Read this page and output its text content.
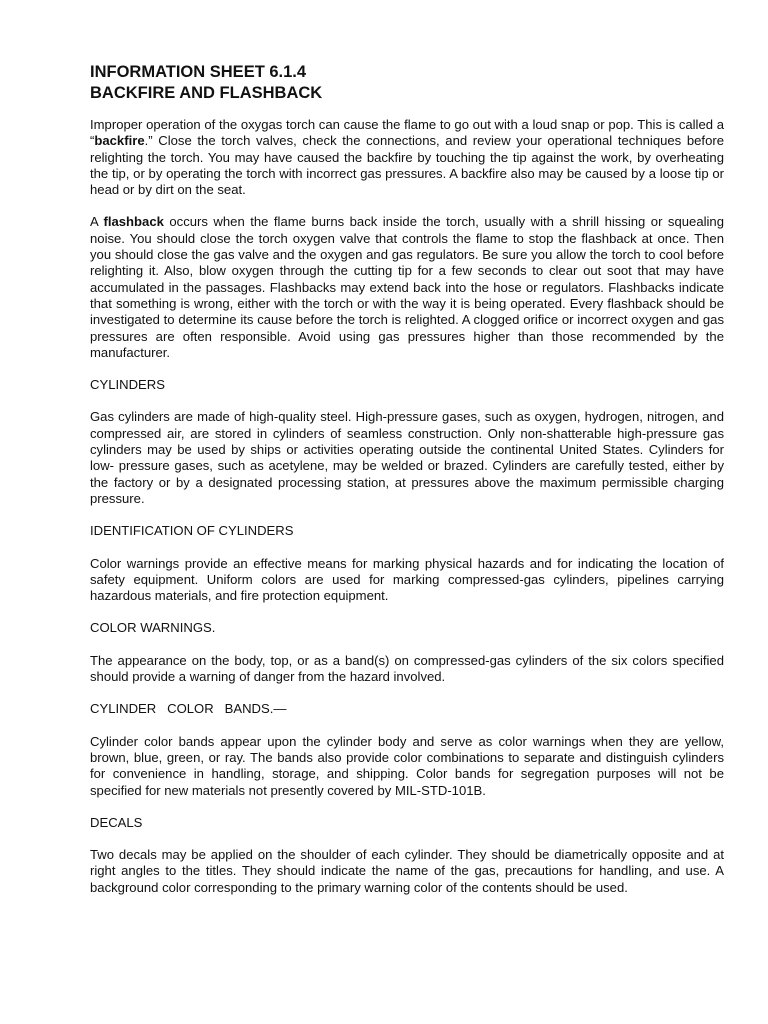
INFORMATION SHEET 6.1.4
BACKFIRE AND FLASHBACK

Improper operation of the oxygas torch can cause the flame to go out with a loud snap or pop. This is called a “backfire.” Close the torch valves, check the connections, and review your operational techniques before relighting the torch. You may have caused the backfire by touching the tip against the work, by overheating the tip, or by operating the torch with incorrect gas pressures. A backfire also may be caused by a loose tip or head or by dirt on the seat.

A flashback occurs when the flame burns back inside the torch, usually with a shrill hissing or squealing noise. You should close the torch oxygen valve that controls the flame to stop the flashback at once. Then you should close the gas valve and the oxygen and gas regulators. Be sure you allow the torch to cool before relighting it. Also, blow oxygen through the cutting tip for a few seconds to clear out soot that may have accumulated in the passages. Flashbacks may extend back into the hose or regulators. Flashbacks indicate that something is wrong, either with the torch or with the way it is being operated. Every flashback should be investigated to determine its cause before the torch is relighted. A clogged orifice or incorrect oxygen and gas pressures are often responsible. Avoid using gas pressures higher than those recommended by the manufacturer.

CYLINDERS

Gas cylinders are made of high-quality steel. High-pressure gases, such as oxygen, hydrogen, nitrogen, and compressed air, are stored in cylinders of seamless construction. Only non-shatterable high-pressure gas cylinders may be used by ships or activities operating outside the continental United States. Cylinders for low- pressure gases, such as acetylene, may be welded or brazed. Cylinders are carefully tested, either by the factory or by a designated processing station, at pressures above the maximum permissible charging pressure.

IDENTIFICATION OF CYLINDERS

Color warnings provide an effective means for marking physical hazards and for indicating the location of safety equipment. Uniform colors are used for marking compressed-gas cylinders, pipelines carrying hazardous materials, and fire protection equipment.

COLOR WARNINGS.

The appearance on the body, top, or as a band(s) on compressed-gas cylinders of the six colors specified should provide a warning of danger from the hazard involved.

CYLINDER   COLOR   BANDS.—

Cylinder color bands appear upon the cylinder body and serve as color warnings when they are yellow, brown, blue, green, or ray. The bands also provide color combinations to separate and distinguish cylinders for convenience in handling, storage, and shipping. Color bands for segregation purposes will not be specified for new materials not presently covered by MIL-STD-101B.

DECALS

Two decals may be applied on the shoulder of each cylinder. They should be diametrically opposite and at right angles to the titles. They should indicate the name of the gas, precautions for handling, and use. A background color corresponding to the primary warning color of the contents should be used.
